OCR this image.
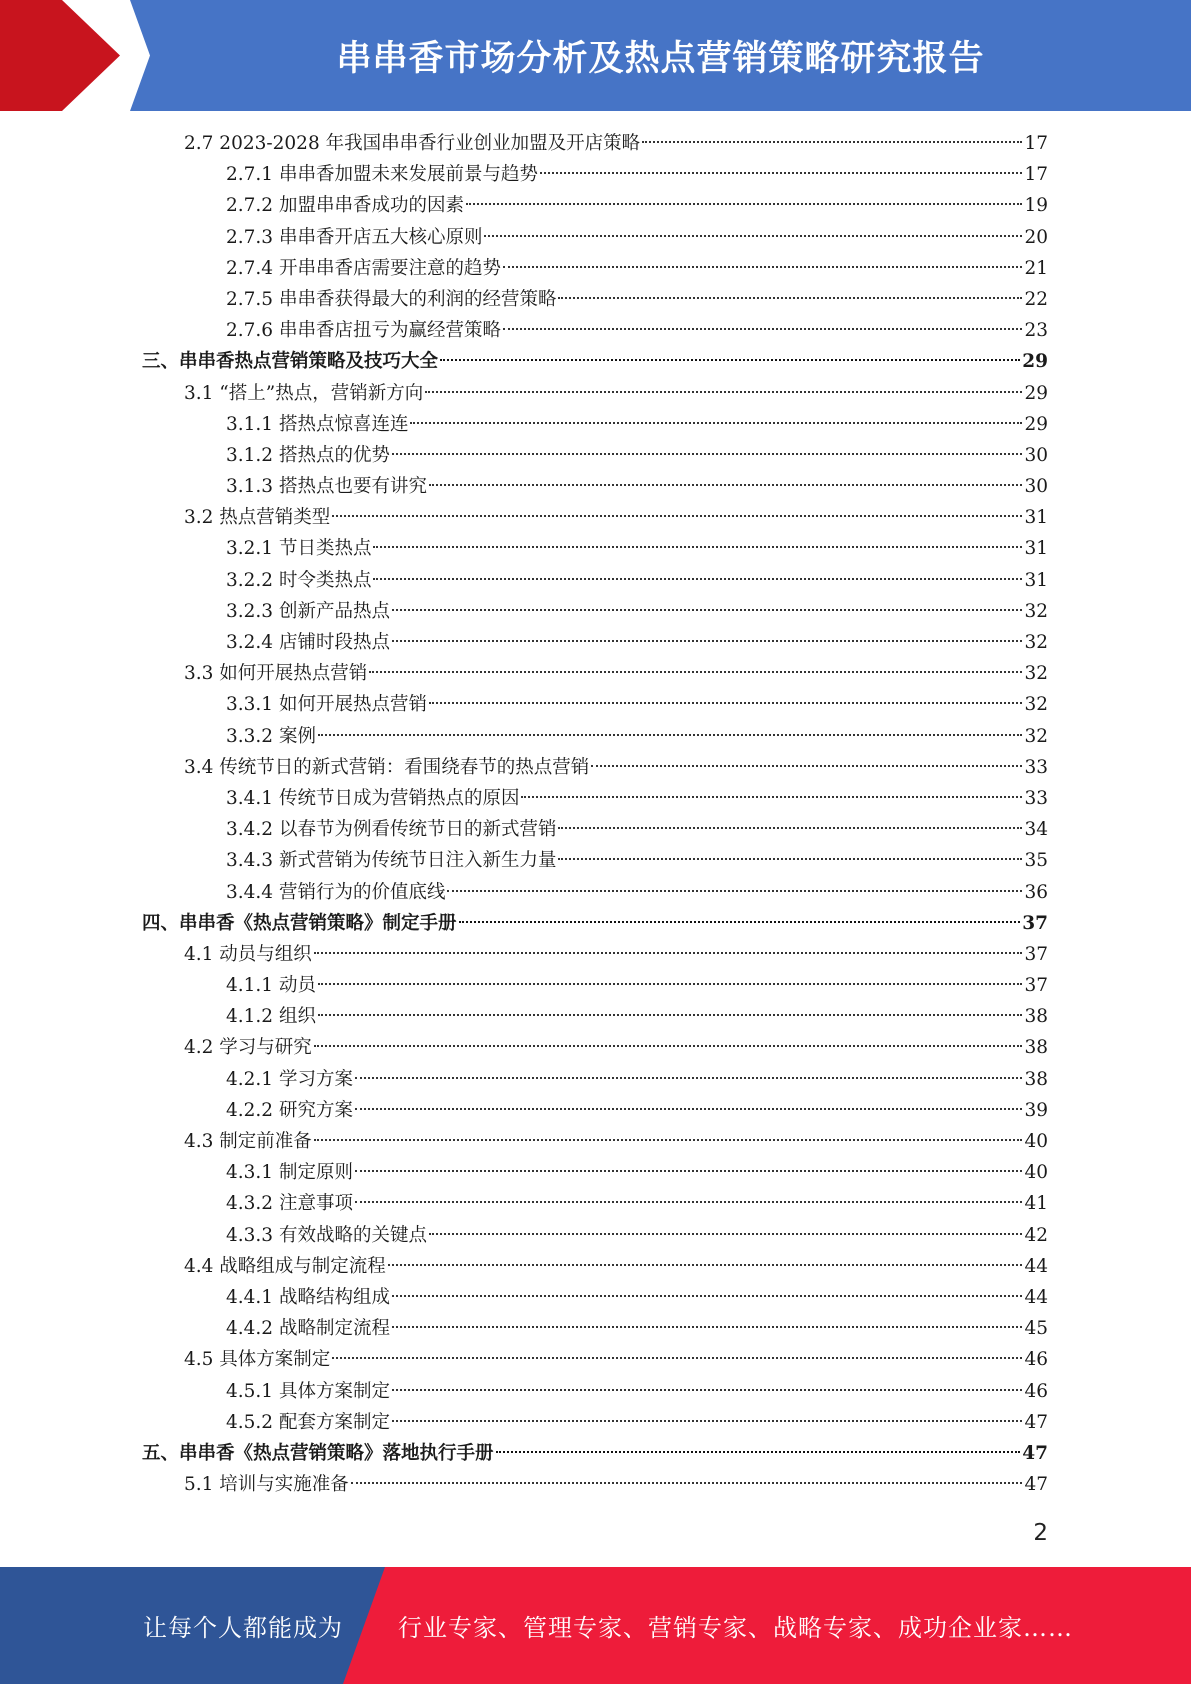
串串香市场分析及热点营销策略研究报告
2.7 2023-2028 年我国串串香行业创业加盟及开店策略	17
2.7.1 串串香加盟未来发展前景与趋势	17
2.7.2 加盟串串香成功的因素	19
2.7.3 串串香开店五大核心原则	20
2.7.4 开串串香店需要注意的趋势	21
2.7.5 串串香获得最大的利润的经营策略	22
2.7.6 串串香店扭亏为赢经营策略	23
三、串串香热点营销策略及技巧大全	29
3.1 “搭上”热点，营销新方向	29
3.1.1 搭热点惊喜连连	29
3.1.2 搭热点的优势	30
3.1.3 搭热点也要有讲究	30
3.2 热点营销类型	31
3.2.1 节日类热点	31
3.2.2 时令类热点	31
3.2.3 创新产品热点	32
3.2.4 店铺时段热点	32
3.3 如何开展热点营销	32
3.3.1 如何开展热点营销	32
3.3.2 案例	32
3.4 传统节日的新式营销：看围绕春节的热点营销	33
3.4.1 传统节日成为营销热点的原因	33
3.4.2 以春节为例看传统节日的新式营销	34
3.4.3 新式营销为传统节日注入新生力量	35
3.4.4 营销行为的价值底线	36
四、串串香《热点营销策略》制定手册	37
4.1 动员与组织	37
4.1.1 动员	37
4.1.2 组织	38
4.2 学习与研究	38
4.2.1 学习方案	38
4.2.2 研究方案	39
4.3 制定前准备	40
4.3.1 制定原则	40
4.3.2 注意事项	41
4.3.3 有效战略的关键点	42
4.4 战略组成与制定流程	44
4.4.1 战略结构组成	44
4.4.2 战略制定流程	45
4.5 具体方案制定	46
4.5.1 具体方案制定	46
4.5.2 配套方案制定	47
五、串串香《热点营销策略》落地执行手册	47
5.1 培训与实施准备	47
2
让每个人都能成为 行业专家、管理专家、营销专家、战略专家、成功企业家……
